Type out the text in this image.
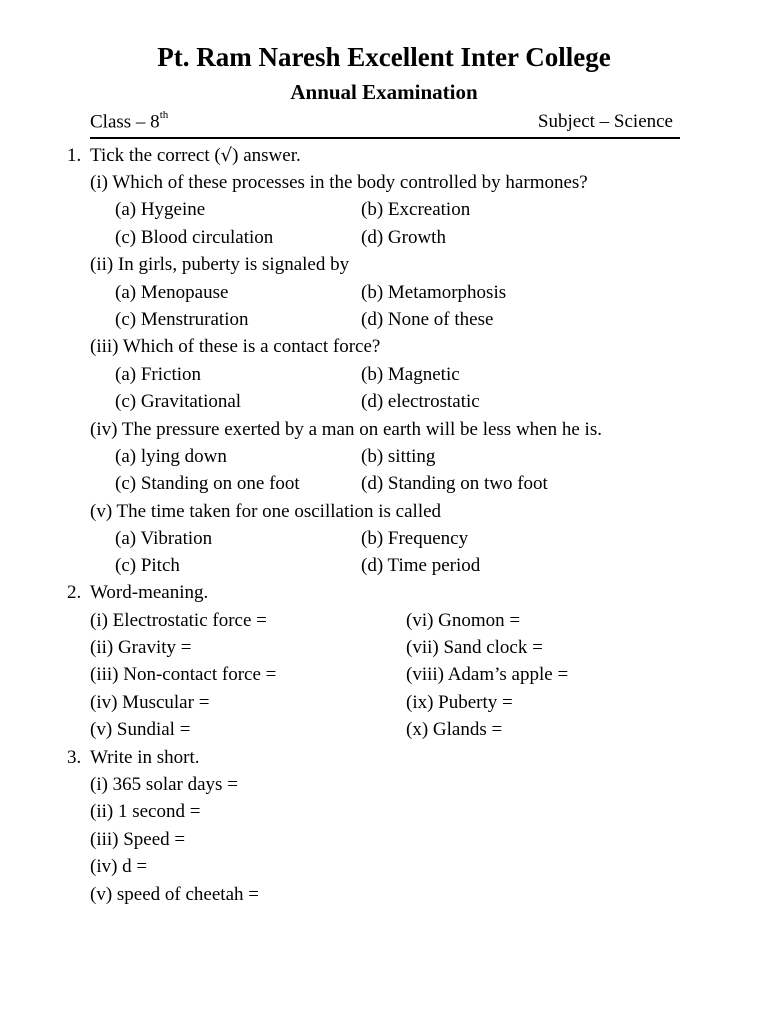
Pt. Ram Naresh Excellent Inter College
Annual Examination
Class – 8th	Subject – Science
1. Tick the correct (√) answer.
(i) Which of these processes in the body controlled by harmones?
(a) Hygeine	(b) Excreation
(c) Blood circulation	(d) Growth
(ii) In girls, puberty is signaled by
(a) Menopause	(b) Metamorphosis
(c) Menstruration	(d) None of these
(iii) Which of these is a contact force?
(a) Friction	(b) Magnetic
(c) Gravitational	(d) electrostatic
(iv) The pressure exerted by a man on earth will be less when he is.
(a) lying down	(b) sitting
(c) Standing on one foot	(d) Standing on two foot
(v) The time taken for one oscillation is called
(a) Vibration	(b) Frequency
(c) Pitch	(d) Time period
2. Word-meaning.
(i) Electrostatic force =	(vi) Gnomon =
(ii) Gravity =	(vii) Sand clock =
(iii) Non-contact force =	(viii) Adam’s apple =
(iv) Muscular =	(ix) Puberty =
(v) Sundial =	(x) Glands =
3. Write in short.
(i) 365 solar days =
(ii) 1 second =
(iii) Speed =
(iv) d =
(v) speed of cheetah =
